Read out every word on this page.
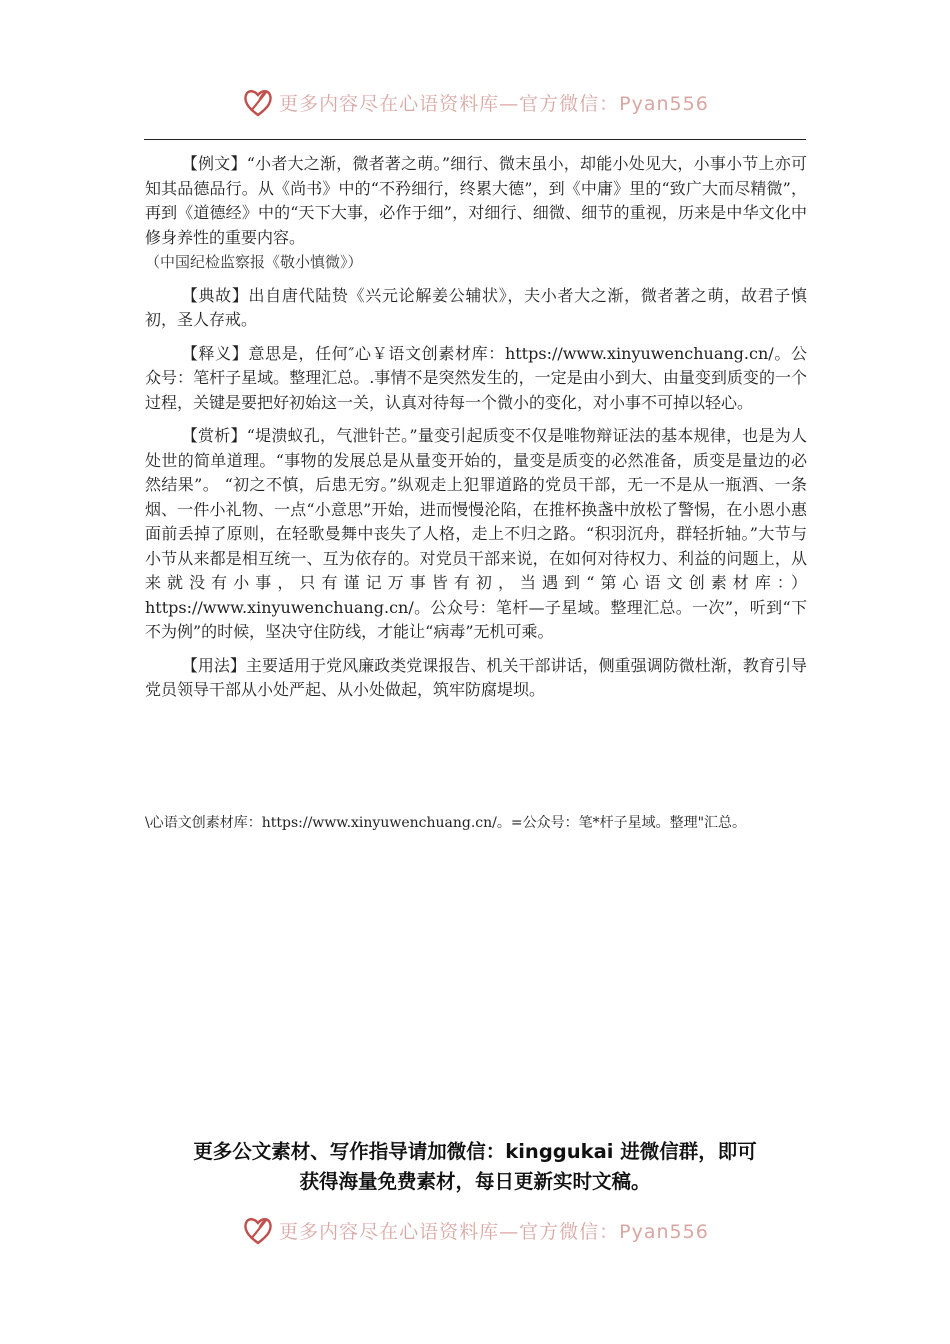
更多内容尽在心语资料库—官方微信：Pyan556

【例文】“小者大之渐，微者著之萌。”细行、微末虽小，却能小处见大，小事小节上亦可知其品德品行。从《尚书》中的“不矜细行，终累大德”，到《中庸》里的“致广大而尽精微”，再到《道德经》中的“天下大事，必作于细”，对细行、细微、细节的重视，历来是中华文化中修身养性的重要内容。
（中国纪检监察报《敬小慎微》）

【典故】出自唐代陆贽《兴元论解姜公辅状》，夫小者大之渐，微者著之萌，故君子慎初，圣人存戒。

【释义】意思是，任何″心￥语文创素材库：https://www.xinyuwenchuang.cn/。公众号：笔杆子星域。整理汇总。.事情不是突然发生的，一定是由小到大、由量变到质变的一个过程，关键是要把好初始这一关，认真对待每一个微小的变化，对小事不可掉以轻心。

【赏析】“堤溃蚁孔，气泄针芒。”量变引起质变不仅是唯物辩证法的基本规律，也是为人处世的简单道理。“事物的发展总是从量变开始的，量变是质变的必然准备，质变是量边的必然结果”。 “初之不慎，后患无穷。”纵观走上犯罪道路的党员干部，无一不是从一瓶酒、一条烟、一件小礼物、一点“小意思”开始，进而慢慢沦陷，在推杯换盏中放松了警惕，在小恩小惠面前丢掉了原则，在轻歌曼舞中丧失了人格，走上不归之路。“积羽沉舟，群轻折轴。”大节与小节从来都是相互统一、互为依存的。对党员干部来说，在如何对待权力、利益的问题上，从来就没有小事，只有谨记万事皆有初，当遇到“第心语文创素材库：）https://www.xinyuwenchuang.cn/。公众号：笔杆—子星域。整理汇总。一次”，听到“下不为例”的时候，坚决守住防线，才能让“病毒”无机可乘。

【用法】主要适用于党风廉政类党课报告、机关干部讲话，侧重强调防微杜渐，教育引导党员领导干部从小处严起、从小处做起，筑牢防腐堤坝。

\心语文创素材库：https://www.xinyuwenchuang.cn/。=公众号：笔*杆子星域。整理"汇总。
更多公文素材、写作指导请加微信：kinggukai 进微信群，即可
获得海量免费素材，每日更新实时文稿。
更多内容尽在心语资料库—官方微信：Pyan556
